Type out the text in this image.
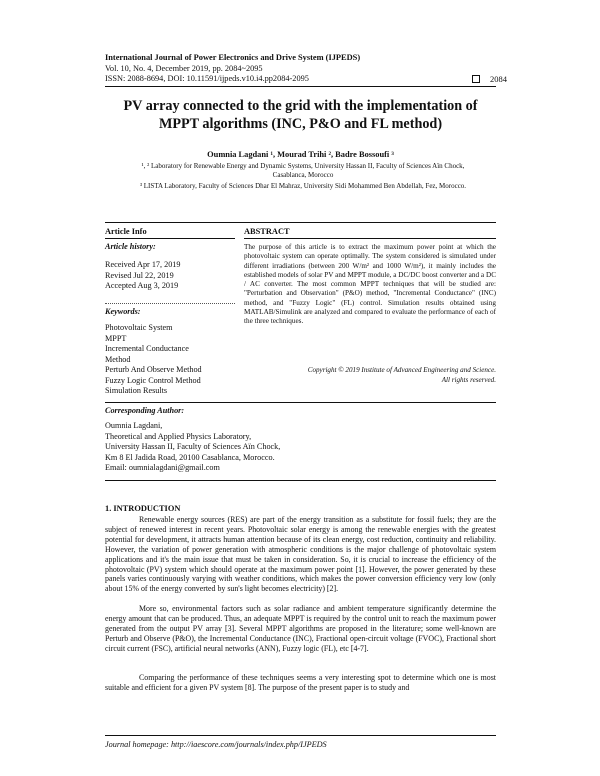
International Journal of Power Electronics and Drive System (IJPEDS)
Vol. 10, No. 4, December 2019, pp. 2084~2095
ISSN: 2088-8694, DOI: 10.11591/ijpeds.v10.i4.pp2084-2095	2084
PV array connected to the grid with the implementation of
MPPT algorithms (INC, P&O and FL method)
Oumnia Lagdani ¹, Mourad Trihi ², Badre Bossoufi ³
¹, ² Laboratory for Renewable Energy and Dynamic Systems, University Hassan II, Faculty of Sciences Aïn Chock,
Casablanca, Morocco
³ LISTA Laboratory, Faculty of Sciences Dhar El Mahraz, University Sidi Mohammed Ben Abdellah, Fez, Morocco.
Article Info	ABSTRACT
Article history:
Received Apr 17, 2019
Revised Jul 22, 2019
Accepted Aug 3, 2019
Keywords:
Photovoltaic System
MPPT
Incremental Conductance
Method
Perturb And Observe Method
Fuzzy Logic Control Method
Simulation Results
The purpose of this article is to extract the maximum power point at which the photovoltaic system can operate optimally. The system considered is simulated under different irradiations (between 200 W/m² and 1000 W/m²), it mainly includes the established models of solar PV and MPPT module, a DC/DC boost converter and a DC / AC converter. The most common MPPT techniques that will be studied are: "Perturbation and Observation" (P&O) method, "Incremental Conductance" (INC) method, and "Fuzzy Logic" (FL) control. Simulation results obtained using MATLAB/Simulink are analyzed and compared to evaluate the performance of each of the three techniques.
Copyright © 2019 Institute of Advanced Engineering and Science.
All rights reserved.
Corresponding Author:
Oumnia Lagdani,
Theoretical and Applied Physics Laboratory,
University Hassan II, Faculty of Sciences Aïn Chock,
Km 8 El Jadida Road, 20100 Casablanca, Morocco.
Email: oumnialagdani@gmail.com
1. INTRODUCTION
Renewable energy sources (RES) are part of the energy transition as a substitute for fossil fuels; they are the subject of renewed interest in recent years. Photovoltaic solar energy is among the renewable energies with the greatest potential for development, it attracts human attention because of its clean energy, cost reduction, continuity and reliability. However, the variation of power generation with atmospheric conditions is the major challenge of photovoltaic system applications and it's the main issue that must be taken in consideration. So, it is crucial to increase the efficiency of the photovoltaic (PV) system which should operate at the maximum power point [1]. However, the power generated by these panels varies continuously varying with weather conditions, which makes the power conversion efficiency very low (only about 15% of the energy converted by sun's light becomes electricity) [2].
More so, environmental factors such as solar radiance and ambient temperature significantly determine the energy amount that can be produced. Thus, an adequate MPPT is required by the control unit to reach the maximum power generated from the output PV array [3]. Several MPPT algorithms are proposed in the literature; some well-known are Perturb and Observe (P&O), the Incremental Conductance (INC), Fractional open-circuit voltage (FVOC), Fractional short circuit current (FSC), artificial neural networks (ANN), Fuzzy logic (FL), etc [4-7].
Comparing the performance of these techniques seems a very interesting spot to determine which one is most suitable and efficient for a given PV system [8]. The purpose of the present paper is to study and
Journal homepage: http://iaescore.com/journals/index.php/IJPEDS
